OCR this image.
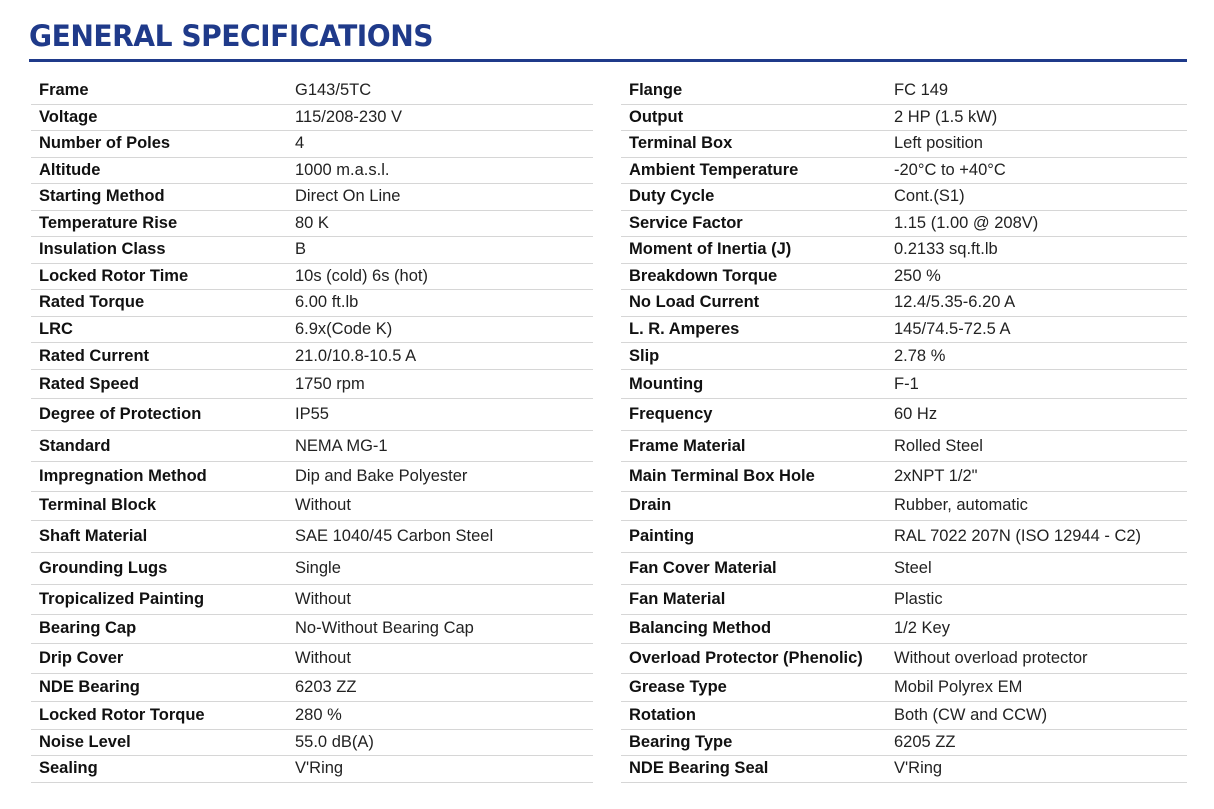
GENERAL SPECIFICATIONS
Frame	G143/5TC
Voltage	115/208-230 V
Number of Poles	4
Altitude	1000 m.a.s.l.
Starting Method	Direct On Line
Temperature Rise	80 K
Insulation Class	B
Locked Rotor Time	10s (cold) 6s (hot)
Rated Torque	6.00 ft.lb
LRC	6.9x(Code K)
Rated Current	21.0/10.8-10.5 A
Rated Speed	1750 rpm
Degree of Protection	IP55
Standard	NEMA MG-1
Impregnation Method	Dip and Bake Polyester
Terminal Block	Without
Shaft Material	SAE 1040/45 Carbon Steel
Grounding Lugs	Single
Tropicalized Painting	Without
Bearing Cap	No-Without Bearing Cap
Drip Cover	Without
NDE Bearing	6203 ZZ
Locked Rotor Torque	280 %
Noise Level	55.0 dB(A)
Sealing	V'Ring
Flange	FC 149
Output	2 HP (1.5 kW)
Terminal Box	Left position
Ambient Temperature	-20°C to +40°C
Duty Cycle	Cont.(S1)
Service Factor	1.15 (1.00 @ 208V)
Moment of Inertia (J)	0.2133 sq.ft.lb
Breakdown Torque	250 %
No Load Current	12.4/5.35-6.20 A
L. R. Amperes	145/74.5-72.5 A
Slip	2.78 %
Mounting	F-1
Frequency	60 Hz
Frame Material	Rolled Steel
Main Terminal Box Hole	2xNPT 1/2"
Drain	Rubber, automatic
Painting	RAL 7022 207N (ISO 12944 - C2)
Fan Cover Material	Steel
Fan Material	Plastic
Balancing Method	1/2 Key
Overload Protector (Phenolic)	Without overload protector
Grease Type	Mobil Polyrex EM
Rotation	Both (CW and CCW)
Bearing Type	6205 ZZ
NDE Bearing Seal	V'Ring
